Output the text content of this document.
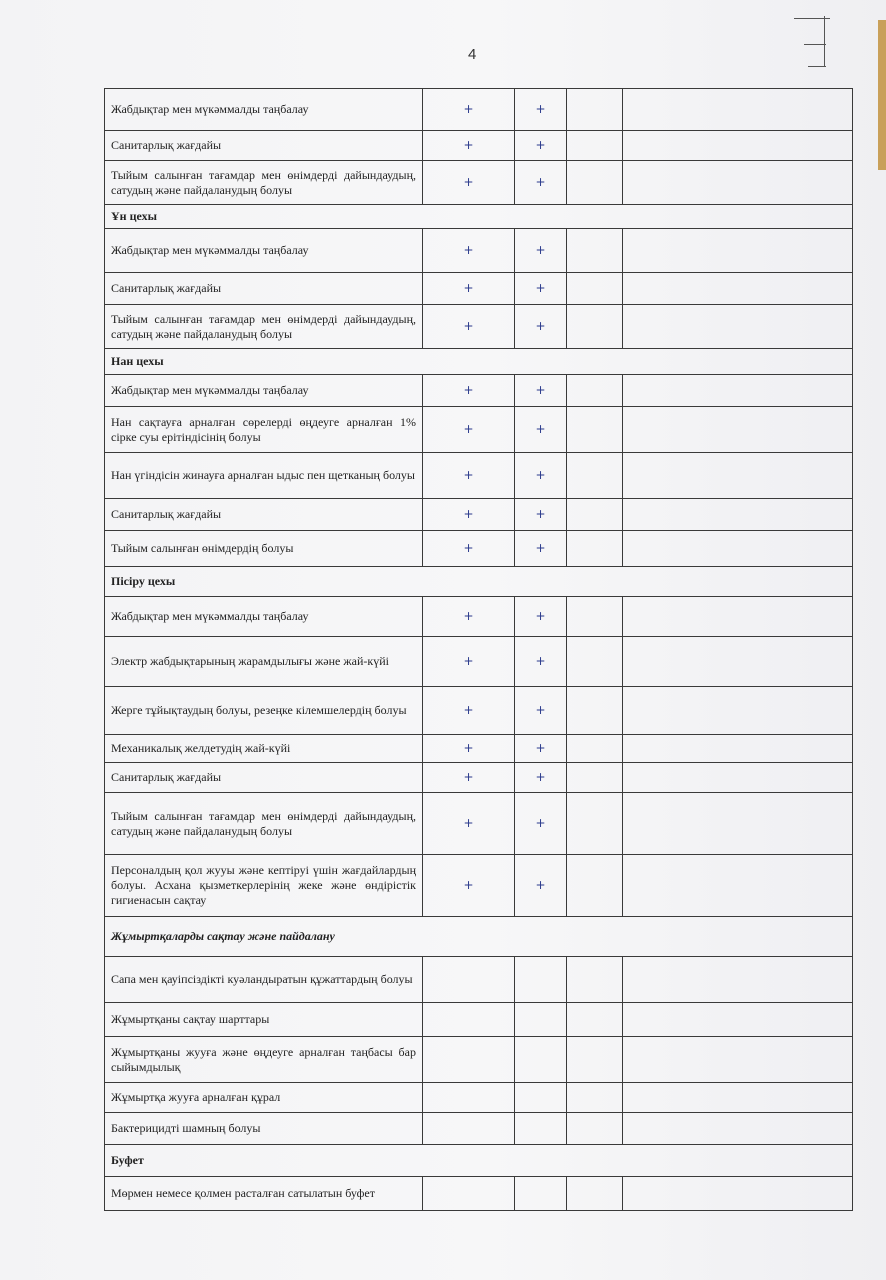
4
Жабдықтар мен мүкәммалды таңбалау	+	+		
Санитарлық жағдайы	+	+		
Тыйым салынған тағамдар мен өнімдерді дайындаудың, сатудың және пайдаланудың болуы	+	+		
Ұн цехы				
Жабдықтар мен мүкәммалды таңбалау	+	+		
Санитарлық жағдайы	+	+		
Тыйым салынған тағамдар мен өнімдерді дайындаудың, сатудың және пайдаланудың болуы	+	+		
Нан цехы				
Жабдықтар мен мүкәммалды таңбалау	+	+		
Нан сақтауға арналған сөрелерді өңдеуге арналған 1% сірке суы ерітіндісінің болуы	+	+		
Нан үгіндісін жинауға арналған ыдыс пен щетканың болуы	+	+		
Санитарлық жағдайы	+	+		
Тыйым салынған өнімдердің болуы	+	+		
Пісіру цехы				
Жабдықтар мен мүкәммалды таңбалау	+	+		
Электр жабдықтарының жарамдылығы және жай-күйі	+	+		
Жерге тұйықтаудың болуы, резеңке кілемшелердің болуы	+	+		
Механикалық желдетудің жай-күйі	+	+		
Санитарлық жағдайы	+	+		
Тыйым салынған тағамдар мен өнімдерді дайындаудың, сатудың және пайдаланудың болуы	+	+		
Персоналдың қол жууы және кептіруі үшін жағдайлардың болуы. Асхана қызметкерлерінің жеке және өндірістік гигиенасын сақтау	+	+		
Жұмыртқаларды сақтау және пайдалану				
Сапа мен қауіпсіздікті куәландыратын құжаттардың болуы				
Жұмыртқаны сақтау шарттары				
Жұмыртқаны жууға және өңдеуге арналған таңбасы бар сыйымдылық				
Жұмыртқа жууға арналған құрал				
Бактерицидті шамның болуы				
Буфет				
Мөрмен немесе қолмен расталған сатылатын буфет				
